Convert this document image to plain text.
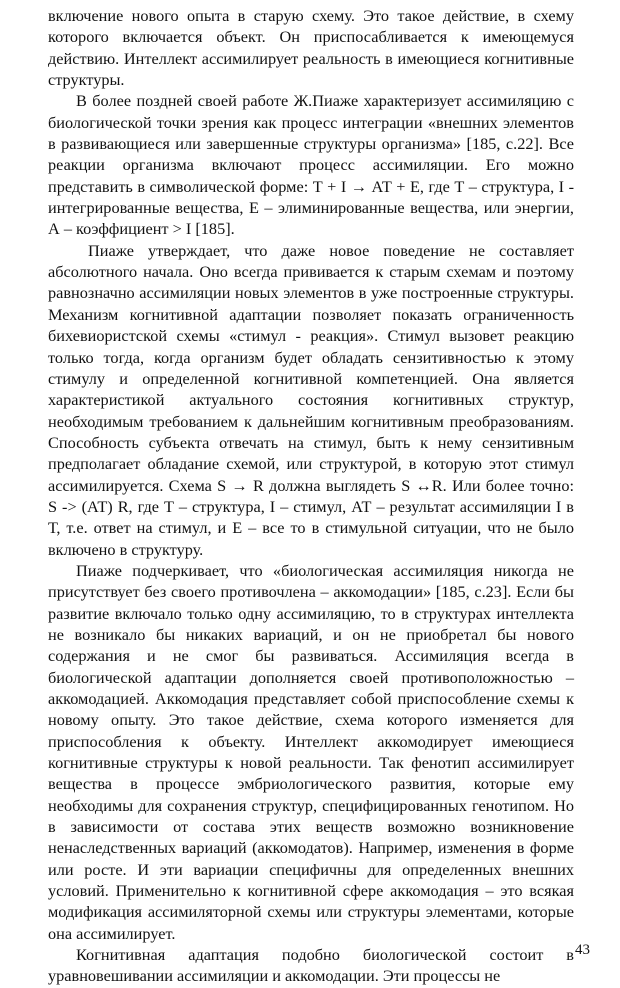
включение нового опыта в старую схему. Это такое действие, в схему которого включается объект. Он приспосабливается к имеющемуся действию. Интеллект ассимилирует реальность в имеющиеся когнитивные структуры.

В более поздней своей работе Ж.Пиаже характеризует ассимиляцию с биологической точки зрения как процесс интеграции «внешних элементов в развивающиеся или завершенные структуры организма» [185, с.22]. Все реакции организма включают процесс ассимиляции. Его можно представить в символической форме: Т + I → АТ + Е, где Т – структура, I - интегрированные вещества, Е – элиминированные вещества, или энергии, А – коэффициент > I [185].

Пиаже утверждает, что даже новое поведение не составляет абсолютного начала. Оно всегда прививается к старым схемам и поэтому равнозначно ассимиляции новых элементов в уже построенные структуры. Механизм когнитивной адаптации позволяет показать ограниченность бихевиористской схемы «стимул - реакция». Стимул вызовет реакцию только тогда, когда организм будет обладать сензитивностью к этому стимулу и определенной когнитивной компетенцией. Она является характеристикой актуального состояния когнитивных структур, необходимым требованием к дальнейшим когнитивным преобразованиям. Способность субъекта отвечать на стимул, быть к нему сензитивным предполагает обладание схемой, или структурой, в которую этот стимул ассимилируется. Схема S → R должна выглядеть S ↔R. Или более точно: S -> (АТ) R, где Т – структура, I – стимул, АТ – результат ассимиляции I в Т, т.е. ответ на стимул, и Е – все то в стимульной ситуации, что не было включено в структуру.

Пиаже подчеркивает, что «биологическая ассимиляция никогда не присутствует без своего противочлена – аккомодации» [185, с.23]. Если бы развитие включало только одну ассимиляцию, то в структурах интеллекта не возникало бы никаких вариаций, и он не приобретал бы нового содержания и не смог бы развиваться. Ассимиляция всегда в биологической адаптации дополняется своей противоположностью – аккомодацией. Аккомодация представляет собой приспособление схемы к новому опыту. Это такое действие, схема которого изменяется для приспособления к объекту. Интеллект аккомодирует имеющиеся когнитивные структуры к новой реальности. Так фенотип ассимилирует вещества в процессе эмбриологического развития, которые ему необходимы для сохранения структур, специфицированных генотипом. Но в зависимости от состава этих веществ возможно возникновение ненаследственных вариаций (аккомодатов). Например, изменения в форме или росте. И эти вариации специфичны для определенных внешних условий. Применительно к когнитивной сфере аккомодация – это всякая модификация ассимиляторной схемы или структуры элементами, которые она ассимилирует.

Когнитивная адаптация подобно биологической состоит в уравновешивании ассимиляции и аккомодации. Эти процессы не

43
